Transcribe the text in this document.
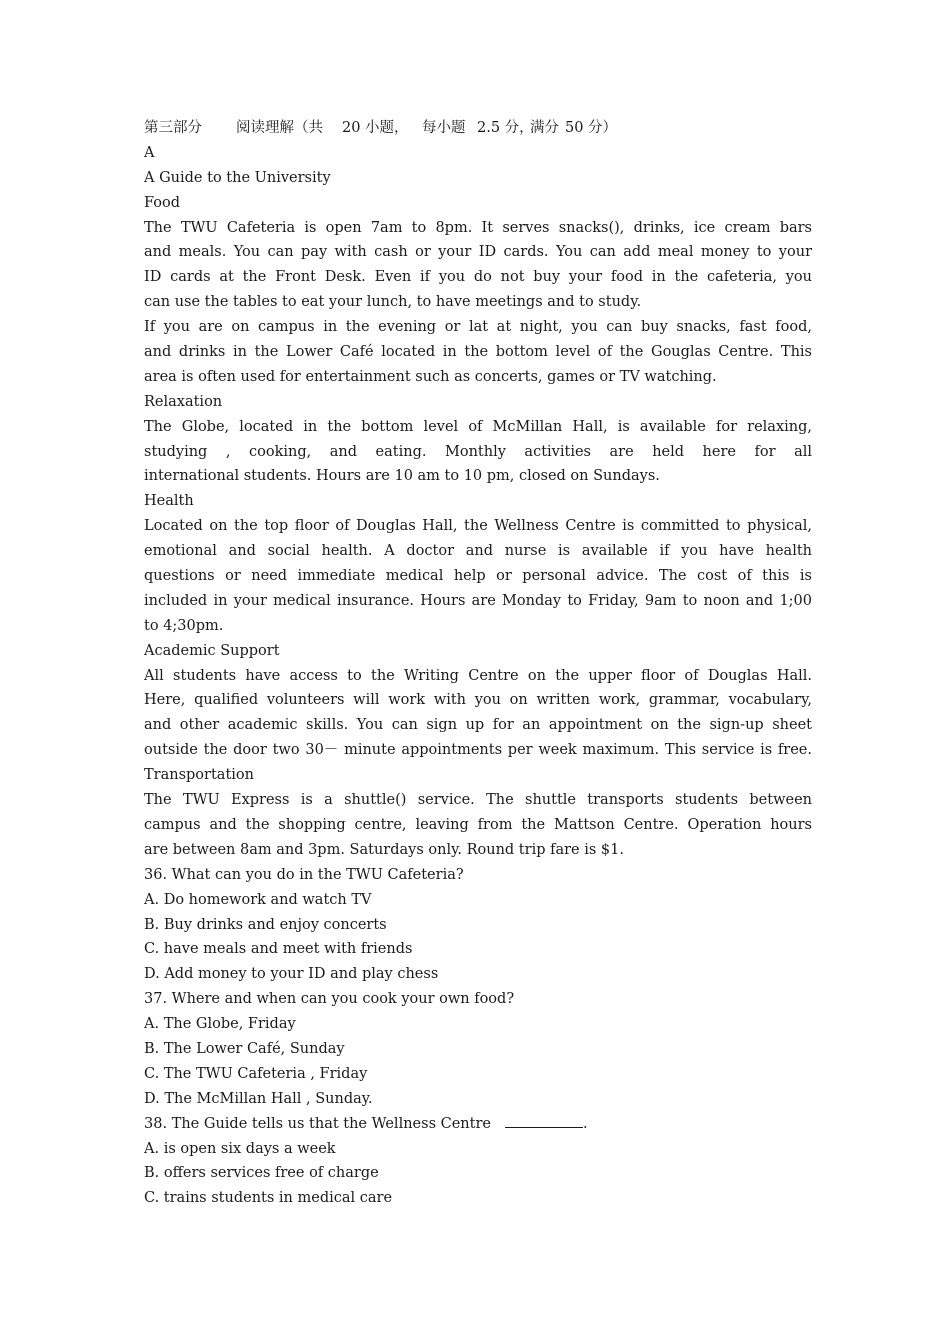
第三部分	阅读理解（共	20 小题， 每小题 2.5 分，
满分 50 分）
A
A Guide to the University
Food
The TWU Cafeteria is open 7am to 8pm. It serves snacks(), drinks, ice cream bars
and meals. You can pay with cash or your ID cards. You can add meal money to your
ID cards at the Front Desk. Even if you do not buy your food in the cafeteria, you
can use the tables to eat your lunch, to have meetings and to study.
If you are on campus in the evening or lat at night, you can buy snacks, fast food,
and drinks in the Lower Café located in the bottom level of the Gouglas Centre. This
area is often used for entertainment such as concerts, games or TV watching.
Relaxation
The Globe, located in the bottom level of McMillan Hall, is available for relaxing,
studying , cooking, and eating. Monthly activities are held here for all
international students. Hours are 10 am to 10 pm, closed on Sundays.
Health
Located on the top floor of Douglas Hall, the Wellness Centre is committed to physical,
emotional and social health. A doctor and nurse is available if you have health
questions or need immediate medical help or personal advice. The cost of this is
included in your medical insurance. Hours are Monday to Friday, 9am to noon and 1;00
to 4;30pm.
Academic Support
All students have access to the Writing Centre on the upper floor of Douglas Hall.
Here, qualified volunteers will work with you on written work, grammar, vocabulary,
and other academic skills. You can sign up for an appointment on the sign-up sheet
outside the door two 30－ minute appointments per week maximum. This service is free.
Transportation
The TWU Express is a shuttle() service. The shuttle transports students between
campus and the shopping centre, leaving from the Mattson Centre. Operation hours
are between 8am and 3pm. Saturdays only. Round trip fare is $1.
36. What can you do in the TWU Cafeteria?
A. Do homework and watch TV
B. Buy drinks and enjoy concerts
C. have meals and meet with friends
D. Add money to your ID and play chess
37. Where and when can you cook your own food?
A. The Globe, Friday
B. The Lower Café, Sunday
C. The TWU Cafeteria , Friday
D. The McMillan Hall , Sunday.
38. The Guide tells us that the Wellness Centre	.
A. is open six days a week
B. offers services free of charge
C. trains students in medical care
